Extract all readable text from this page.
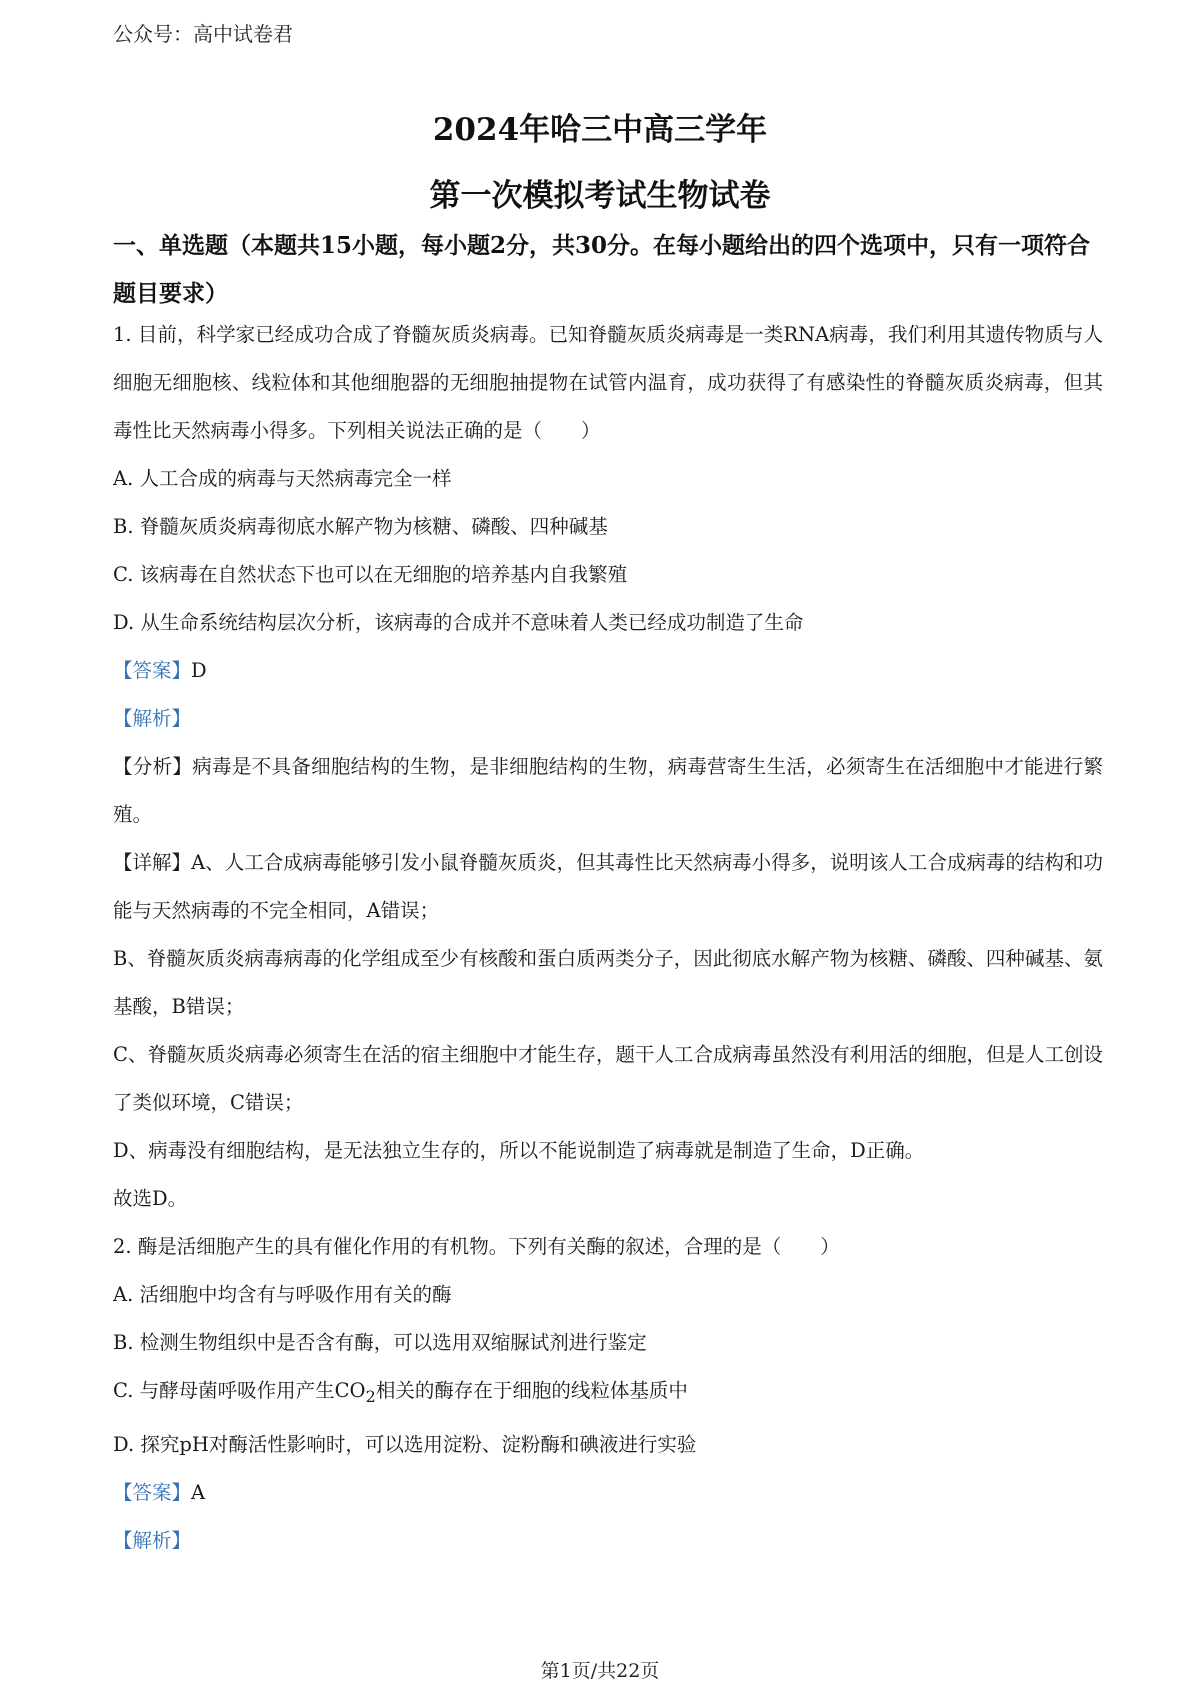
公众号：高中试卷君
2024年哈三中高三学年
第一次模拟考试生物试卷
一、单选题（本题共15小题，每小题2分，共30分。在每小题给出的四个选项中，只有一项符合题目要求）

1. 目前，科学家已经成功合成了脊髓灰质炎病毒。已知脊髓灰质炎病毒是一类RNA病毒，我们利用其遗传物质与人细胞无细胞核、线粒体和其他细胞器的无细胞抽提物在试管内温育，成功获得了有感染性的脊髓灰质炎病毒，但其毒性比天然病毒小得多。下列相关说法正确的是（　　）

A. 人工合成的病毒与天然病毒完全一样

B. 脊髓灰质炎病毒彻底水解产物为核糖、磷酸、四种碱基

C. 该病毒在自然状态下也可以在无细胞的培养基内自我繁殖

D. 从生命系统结构层次分析，该病毒的合成并不意味着人类已经成功制造了生命

【答案】D

【解析】

【分析】病毒是不具备细胞结构的生物，是非细胞结构的生物，病毒营寄生生活，必须寄生在活细胞中才能进行繁殖。

【详解】A、人工合成病毒能够引发小鼠脊髓灰质炎，但其毒性比天然病毒小得多，说明该人工合成病毒的结构和功能与天然病毒的不完全相同，A错误；

B、脊髓灰质炎病毒病毒的化学组成至少有核酸和蛋白质两类分子，因此彻底水解产物为核糖、磷酸、四种碱基、氨基酸，B错误；

C、脊髓灰质炎病毒必须寄生在活的宿主细胞中才能生存，题干人工合成病毒虽然没有利用活的细胞，但是人工创设了类似环境，C错误；

D、病毒没有细胞结构，是无法独立生存的，所以不能说制造了病毒就是制造了生命，D正确。

故选D。

2. 酶是活细胞产生的具有催化作用的有机物。下列有关酶的叙述，合理的是（　　）

A. 活细胞中均含有与呼吸作用有关的酶

B. 检测生物组织中是否含有酶，可以选用双缩脲试剂进行鉴定

C. 与酵母菌呼吸作用产生$CO_2$相关的酶存在于细胞的线粒体基质中

D. 探究pH对酶活性影响时，可以选用淀粉、淀粉酶和碘液进行实验

【答案】A

【解析】

第1页/共22页
